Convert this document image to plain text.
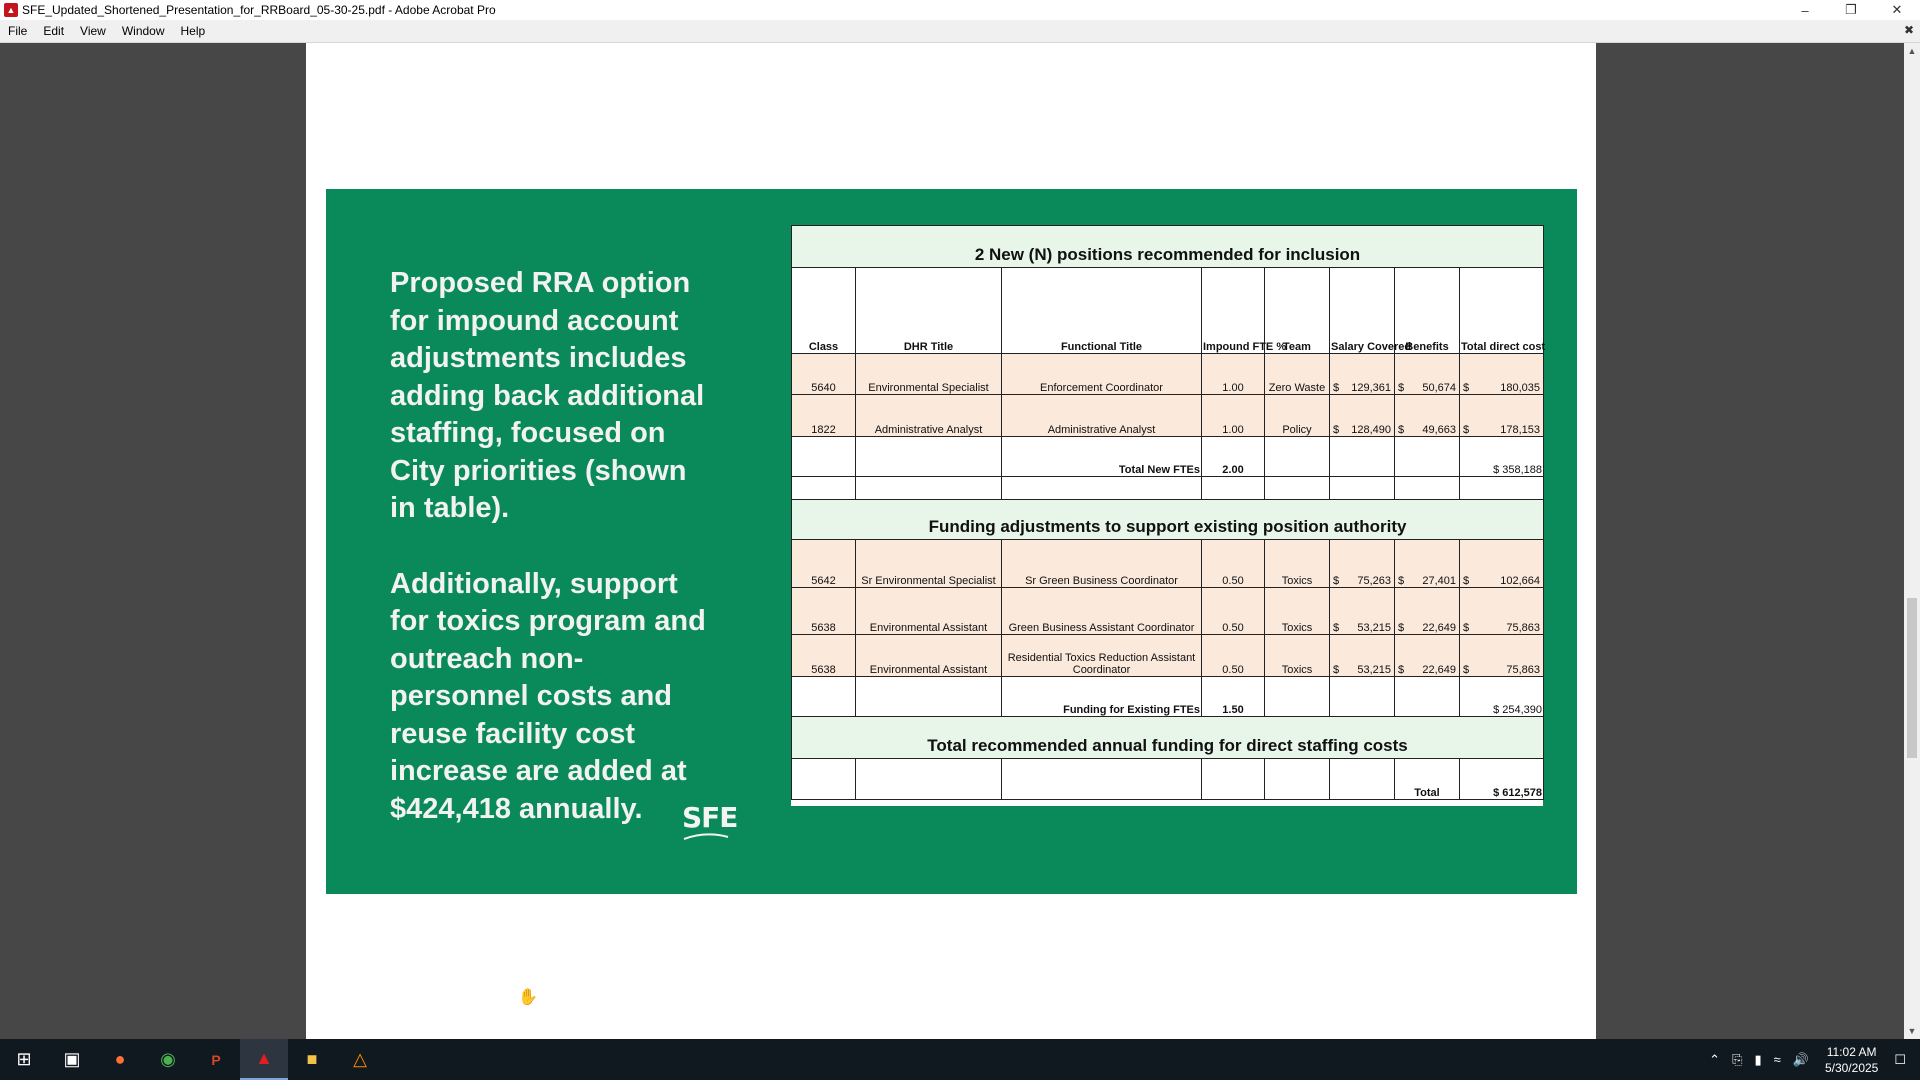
▲ SFE_Updated_Shortened_Presentation_for_RRBoard_05-30-25.pdf - Adobe Acrobat Pro	–	❐	✕
File	Edit	View	Window	Help	✖

Proposed RRA option for impound account adjustments includes adding back additional staffing, focused on City priorities (shown in table).

Additionally, support for toxics program and outreach non-personnel costs and reuse facility cost increase are added at $424,418 annually.	SFE
2 New (N) positions recommended for inclusion							
Class	DHR Title	Functional Title	Impound FTE %	Team	Salary Covered	Benefits	Total direct cost
5640	Environmental Specialist	Enforcement Coordinator	1.00	Zero Waste	$ 129,361	$ 50,674	$ 180,035

1822	Administrative Analyst	Administrative Analyst	1.00	Policy	$ 128,490	$ 49,663	$ 178,153

		Total New FTEs	2.00				$ 358,188

Funding adjustments to support existing position authority							
5642	Sr Environmental Specialist	Sr Green Business Coordinator	0.50	Toxics	$ 75,263	$ 27,401	$ 102,664

5638	Environmental Assistant	Green Business Assistant Coordinator	0.50	Toxics	$ 53,215	$ 22,649	$ 75,863

5638	Environmental Assistant	Residential Toxics Reduction Assistant Coordinator	0.50	Toxics	$ 53,215	$ 22,649	$ 75,863

		Funding for Existing FTEs	1.50				$ 254,390
Total recommended annual funding for direct staffing costs							
						Total	$ 612,578
✋
▲
▼
⊞	▣	● ◉	P ▲ ■ △	⌃ ⎘ ▮ ≈ 🔊 11:02 AM
5/30/2025
☐
